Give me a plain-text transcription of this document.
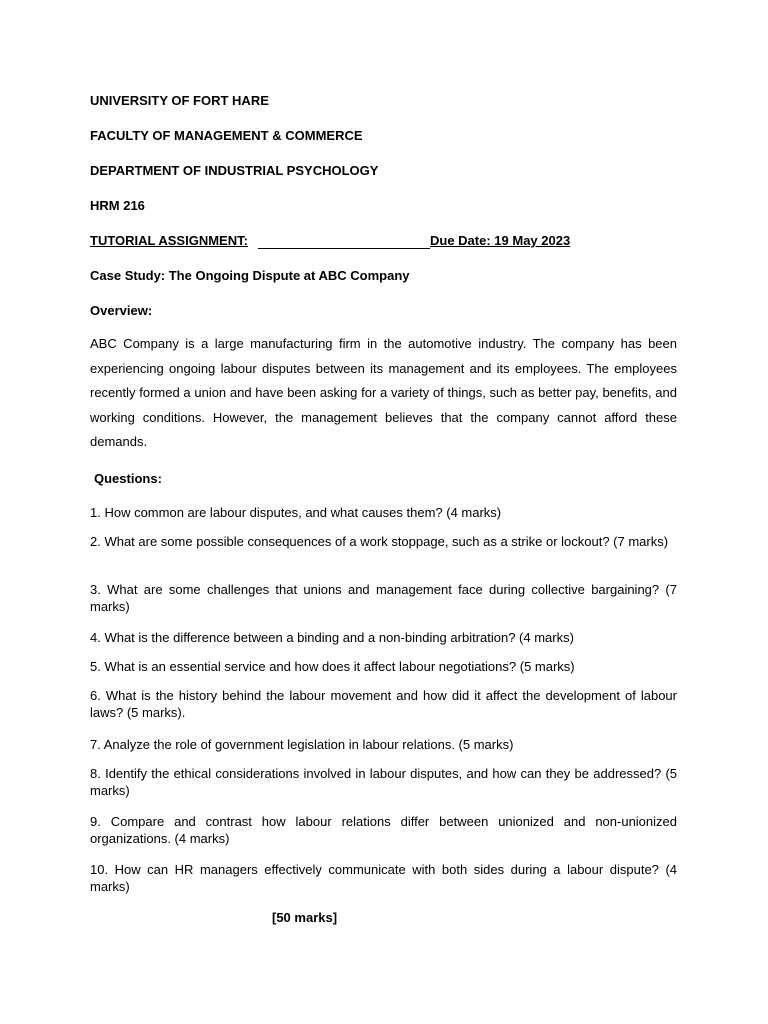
UNIVERSITY OF FORT HARE
FACULTY OF MANAGEMENT & COMMERCE
DEPARTMENT OF INDUSTRIAL PSYCHOLOGY
HRM 216
TUTORIAL ASSIGNMENT:	Due Date: 19 May 2023
Case Study: The Ongoing Dispute at ABC Company
Overview:
ABC Company is a large manufacturing firm in the automotive industry. The company has been experiencing ongoing labour disputes between its management and its employees. The employees recently formed a union and have been asking for a variety of things, such as better pay, benefits, and working conditions. However, the management believes that the company cannot afford these demands.
Questions:
1. How common are labour disputes, and what causes them? (4 marks)
2. What are some possible consequences of a work stoppage, such as a strike or lockout? (7 marks)
3. What are some challenges that unions and management face during collective bargaining? (7 marks)
4. What is the difference between a binding and a non-binding arbitration? (4 marks)
5. What is an essential service and how does it affect labour negotiations? (5 marks)
6. What is the history behind the labour movement and how did it affect the development of labour laws? (5 marks).
7. Analyze the role of government legislation in labour relations. (5 marks)
8. Identify the ethical considerations involved in labour disputes, and how can they be addressed? (5 marks)
9. Compare and contrast how labour relations differ between unionized and non-unionized organizations. (4 marks)
10. How can HR managers effectively communicate with both sides during a labour dispute? (4 marks)
[50 marks]
